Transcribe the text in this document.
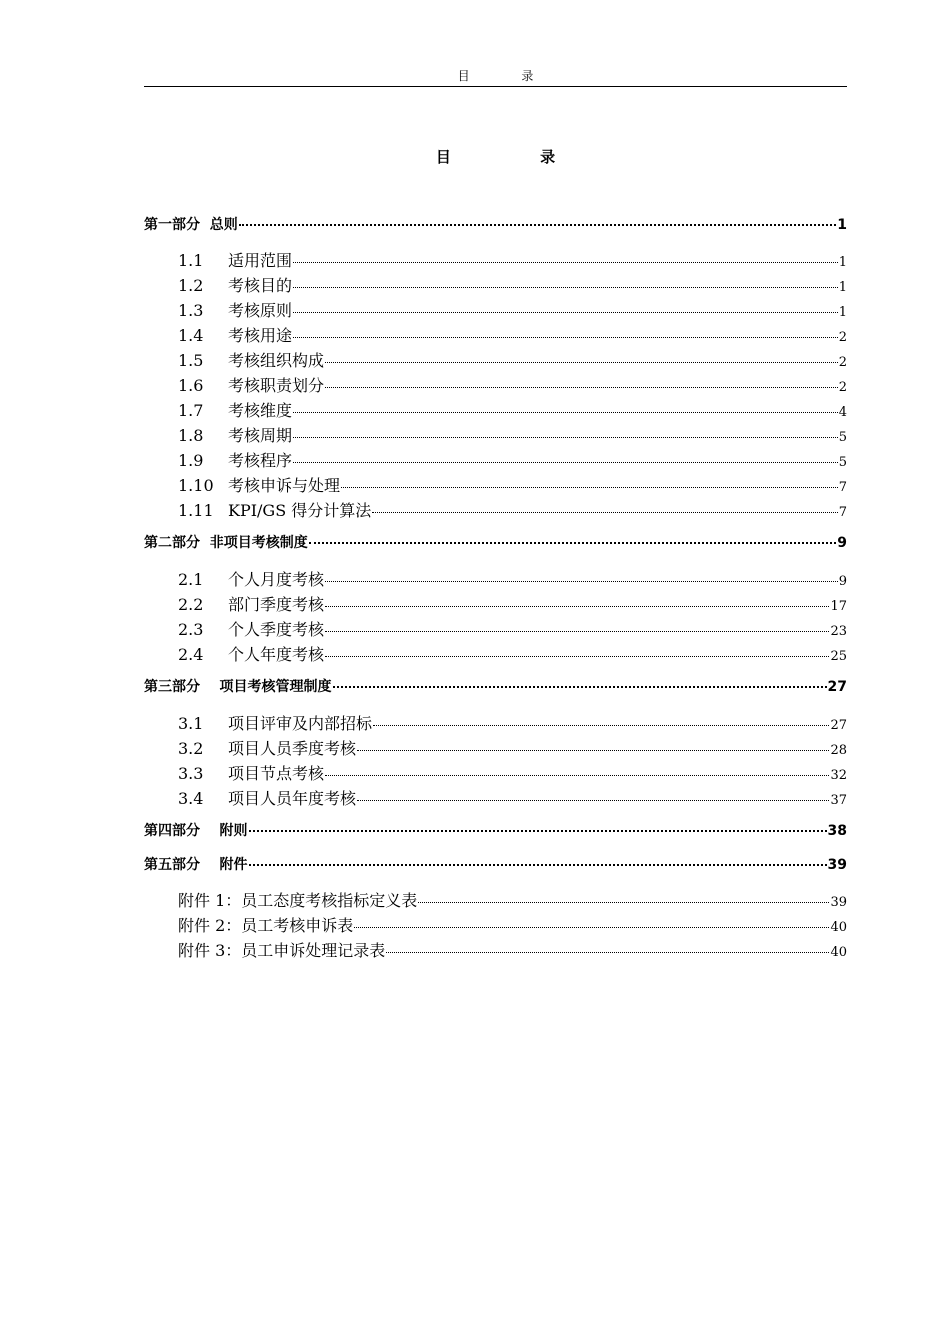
目	录
目	录
第一部分 总则	1
1.1 适用范围	1
1.2 考核目的	1
1.3 考核原则	1
1.4 考核用途	2
1.5 考核组织构成	2
1.6 考核职责划分	2
1.7 考核维度	4
1.8 考核周期	5
1.9 考核程序	5
1.10 考核申诉与处理	7
1.11 KPI/GS 得分计算法	7
第二部分 非项目考核制度	9
2.1 个人月度考核	9
2.2 部门季度考核	17
2.3 个人季度考核	23
2.4 个人年度考核	25
第三部分 项目考核管理制度	27
3.1 项目评审及内部招标	27
3.2 项目人员季度考核	28
3.3 项目节点考核	32
3.4 项目人员年度考核	37
第四部分 附则	38
第五部分 附件	39
附件 1：员工态度考核指标定义表	39
附件 2：员工考核申诉表	40
附件 3：员工申诉处理记录表	40
